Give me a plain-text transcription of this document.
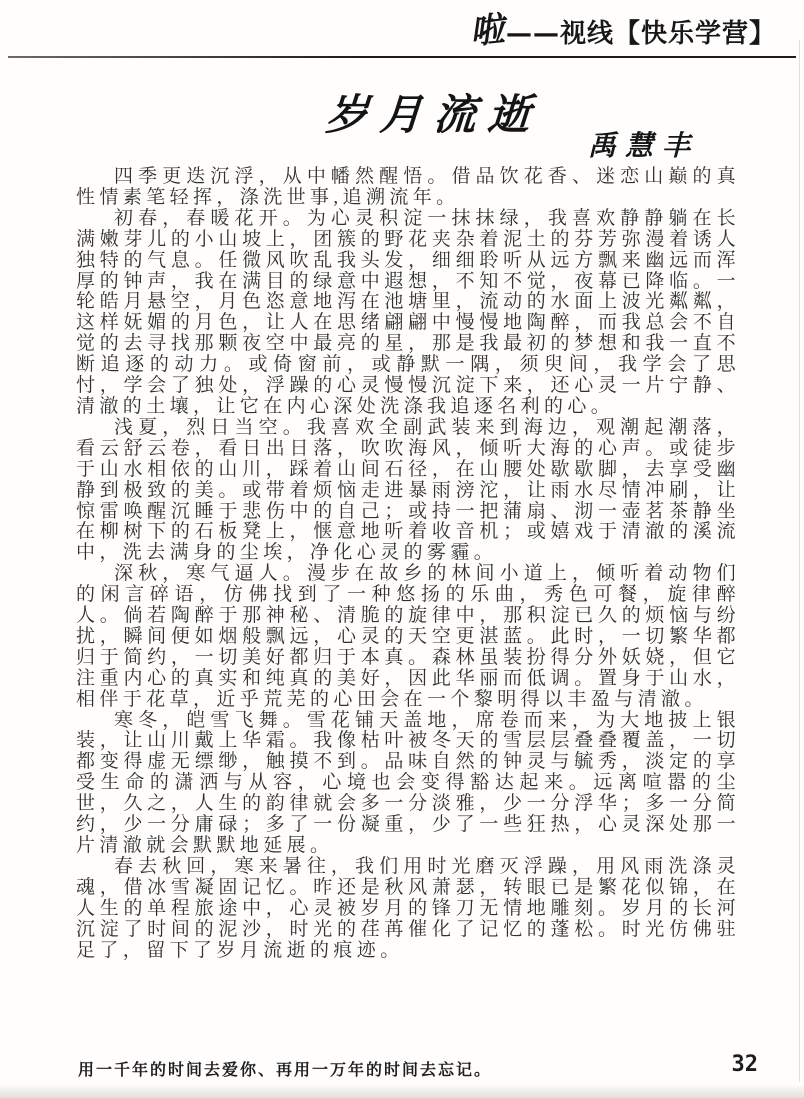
啦 ——视线【快乐学营】
岁月流逝
禹慧丰

四季更迭沉浮，从中幡然醒悟。借品饮花香、迷恋山巅的真性情素笔轻挥，涤洗世事,追溯流年。

初春，春暖花开。为心灵积淀一抹抹绿，我喜欢静静躺在长满嫩芽儿的小山坡上，团簇的野花夹杂着泥土的芬芳弥漫着诱人独特的气息。任微风吹乱我头发，细细聆听从远方飘来幽远而浑厚的钟声，我在满目的绿意中遐想，不知不觉，夜幕已降临。一轮皓月悬空，月色恣意地泻在池塘里，流动的水面上波光粼粼，这样妩媚的月色，让人在思绪翩翩中慢慢地陶醉，而我总会不自觉的去寻找那颗夜空中最亮的星，那是我最初的梦想和我一直不断追逐的动力。或倚窗前，或静默一隅，须臾间，我学会了思忖，学会了独处，浮躁的心灵慢慢沉淀下来，还心灵一片宁静、清澈的土壤，让它在内心深处洗涤我追逐名利的心。

浅夏，烈日当空。我喜欢全副武装来到海边，观潮起潮落，看云舒云卷，看日出日落，吹吹海风，倾听大海的心声。或徒步于山水相依的山川，踩着山间石径，在山腰处歇歇脚，去享受幽静到极致的美。或带着烦恼走进暴雨滂沱，让雨水尽情冲刷，让惊雷唤醒沉睡于悲伤中的自己；或持一把蒲扇、沏一壶茗茶静坐在柳树下的石板凳上，惬意地听着收音机；或嬉戏于清澈的溪流中，洗去满身的尘埃，净化心灵的雾霾。

深秋，寒气逼人。漫步在故乡的林间小道上，倾听着动物们的闲言碎语，仿佛找到了一种悠扬的乐曲，秀色可餐，旋律醉人。倘若陶醉于那神秘、清脆的旋律中，那积淀已久的烦恼与纷扰，瞬间便如烟般飘远，心灵的天空更湛蓝。此时，一切繁华都归于简约，一切美好都归于本真。森林虽装扮得分外妖娆，但它注重内心的真实和纯真的美好，因此华丽而低调。置身于山水，相伴于花草，近乎荒芜的心田会在一个黎明得以丰盈与清澈。

寒冬，皑雪飞舞。雪花铺天盖地，席卷而来，为大地披上银装，让山川戴上华霜。我像枯叶被冬天的雪层层叠叠覆盖，一切都变得虚无缥缈，触摸不到。品味自然的钟灵与毓秀，淡定的享受生命的潇洒与从容，心境也会变得豁达起来。远离喧嚣的尘世，久之，人生的韵律就会多一分淡雅，少一分浮华；多一分简约，少一分庸碌；多了一份凝重，少了一些狂热，心灵深处那一片清澈就会默默地延展。

春去秋回，寒来暑往，我们用时光磨灭浮躁，用风雨洗涤灵魂，借冰雪凝固记忆。昨还是秋风萧瑟，转眼已是繁花似锦，在人生的单程旅途中，心灵被岁月的锋刀无情地雕刻。岁月的长河沉淀了时间的泥沙，时光的荏苒催化了记忆的蓬松。时光仿佛驻足了，留下了岁月流逝的痕迹。

用一千年的时间去爱你、再用一万年的时间去忘记。	32
